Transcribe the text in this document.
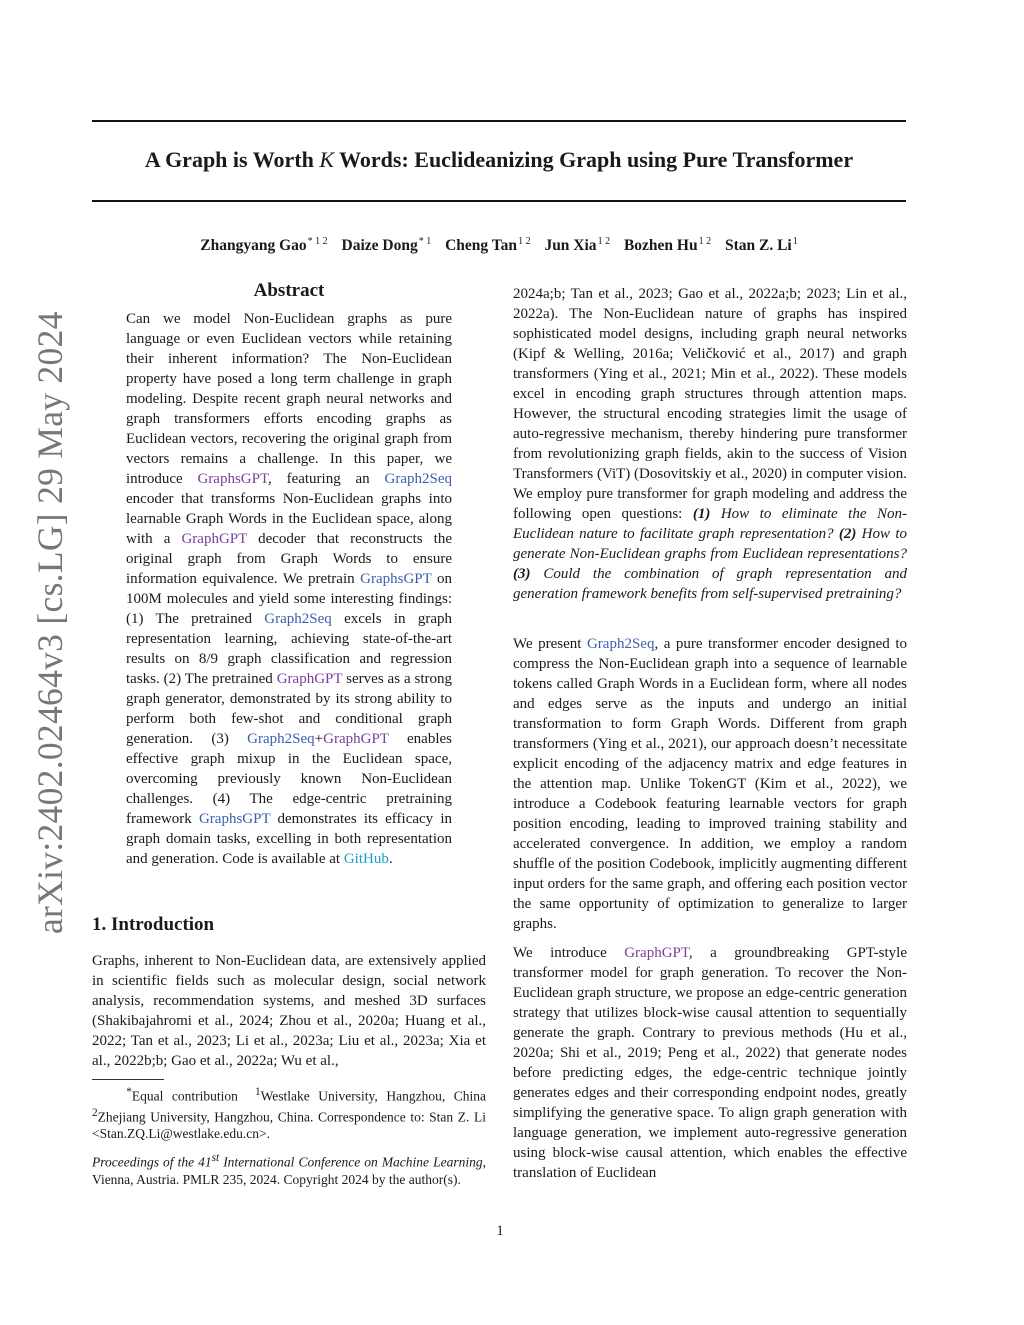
arXiv:2402.02464v3 [cs.LG] 29 May 2024
A Graph is Worth K Words: Euclideanizing Graph using Pure Transformer
Zhangyang Gao$^{* 1 2}$ Daize Dong$^{* 1}$ Cheng Tan$^{1 2}$ Jun Xia$^{1 2}$ Bozhen $Hu^{1 2}$ Stan Z. Li$^1$
Abstract

Can we model Non-Euclidean graphs as pure language or even Euclidean vectors while retaining their inherent information? The Non-Euclidean property have posed a long term challenge in graph modeling. Despite recent graph neural networks and graph transformers efforts encoding graphs as Euclidean vectors, recovering the original graph from vectors remains a challenge. In this paper, we introduce GraphsGPT, featuring an Graph2Seq encoder that transforms Non-Euclidean graphs into learnable Graph Words in the Euclidean space, along with a GraphGPT decoder that reconstructs the original graph from Graph Words to ensure information equivalence. We pretrain GraphsGPT on 100M molecules and yield some interesting findings: (1) The pretrained Graph2Seq excels in graph representation learning, achieving state-of-the-art results on 8/9 graph classification and regression tasks. (2) The pretrained GraphGPT serves as a strong graph generator, demonstrated by its strong ability to perform both few-shot and conditional graph generation. (3) Graph2Seq+GraphGPT enables effective graph mixup in the Euclidean space, overcoming previously known Non-Euclidean challenges. (4) The edge-centric pretraining framework GraphsGPT demonstrates its efficacy in graph domain tasks, excelling in both representation and generation. Code is available at GitHub.

1. Introduction

Graphs, inherent to Non-Euclidean data, are extensively applied in scientific fields such as molecular design, social network analysis, recommendation systems, and meshed 3D surfaces (Shakibajahromi et al., 2024; Zhou et al., 2020a; Huang et al., 2022; Tan et al., 2023; Li et al., 2023a; Liu et al., 2023a; Xia et al., 2022b;b; Gao et al., 2022a; Wu et al.,

*Equal contribution $^1$Westlake University, Hangzhou, China $^2$Zhejiang University, Hangzhou, China. Correspondence to: Stan Z. Li <Stan.ZQ.Li@westlake.edu.cn>.

Proceedings of the 41st International Conference on Machine Learning, Vienna, Austria. PMLR 235, 2024. Copyright 2024 by the author(s).

2024a;b; Tan et al., 2023; Gao et al., 2022a;b; 2023; Lin et al., 2022a). The Non-Euclidean nature of graphs has inspired sophisticated model designs, including graph neural networks (Kipf & Welling, 2016a; Veličković et al., 2017) and graph transformers (Ying et al., 2021; Min et al., 2022). These models excel in encoding graph structures through attention maps. However, the structural encoding strategies limit the usage of auto-regressive mechanism, thereby hindering pure transformer from revolutionizing graph fields, akin to the success of Vision Transformers (ViT) (Dosovitskiy et al., 2020) in computer vision. We employ pure transformer for graph modeling and address the following open questions: (1) How to eliminate the Non-Euclidean nature to facilitate graph representation? (2) How to generate Non-Euclidean graphs from Euclidean representations? (3) Could the combination of graph representation and generation framework benefits from self-supervised pretraining?

We present Graph2Seq, a pure transformer encoder designed to compress the Non-Euclidean graph into a sequence of learnable tokens called Graph Words in a Euclidean form, where all nodes and edges serve as the inputs and undergo an initial transformation to form Graph Words. Different from graph transformers (Ying et al., 2021), our approach doesn’t necessitate explicit encoding of the adjacency matrix and edge features in the attention map. Unlike TokenGT (Kim et al., 2022), we introduce a Codebook featuring learnable vectors for graph position encoding, leading to improved training stability and accelerated convergence. In addition, we employ a random shuffle of the position Codebook, implicitly augmenting different input orders for the same graph, and offering each position vector the same opportunity of optimization to generalize to larger graphs.

We introduce GraphGPT, a groundbreaking GPT-style transformer model for graph generation. To recover the Non-Euclidean graph structure, we propose an edge-centric generation strategy that utilizes block-wise causal attention to sequentially generate the graph. Contrary to previous methods (Hu et al., 2020a; Shi et al., 2019; Peng et al., 2022) that generate nodes before predicting edges, the edge-centric technique jointly generates edges and their corresponding endpoint nodes, greatly simplifying the generative space. To align graph generation with language generation, we implement auto-regressive generation using block-wise causal attention, which enables the effective translation of Euclidean

1
